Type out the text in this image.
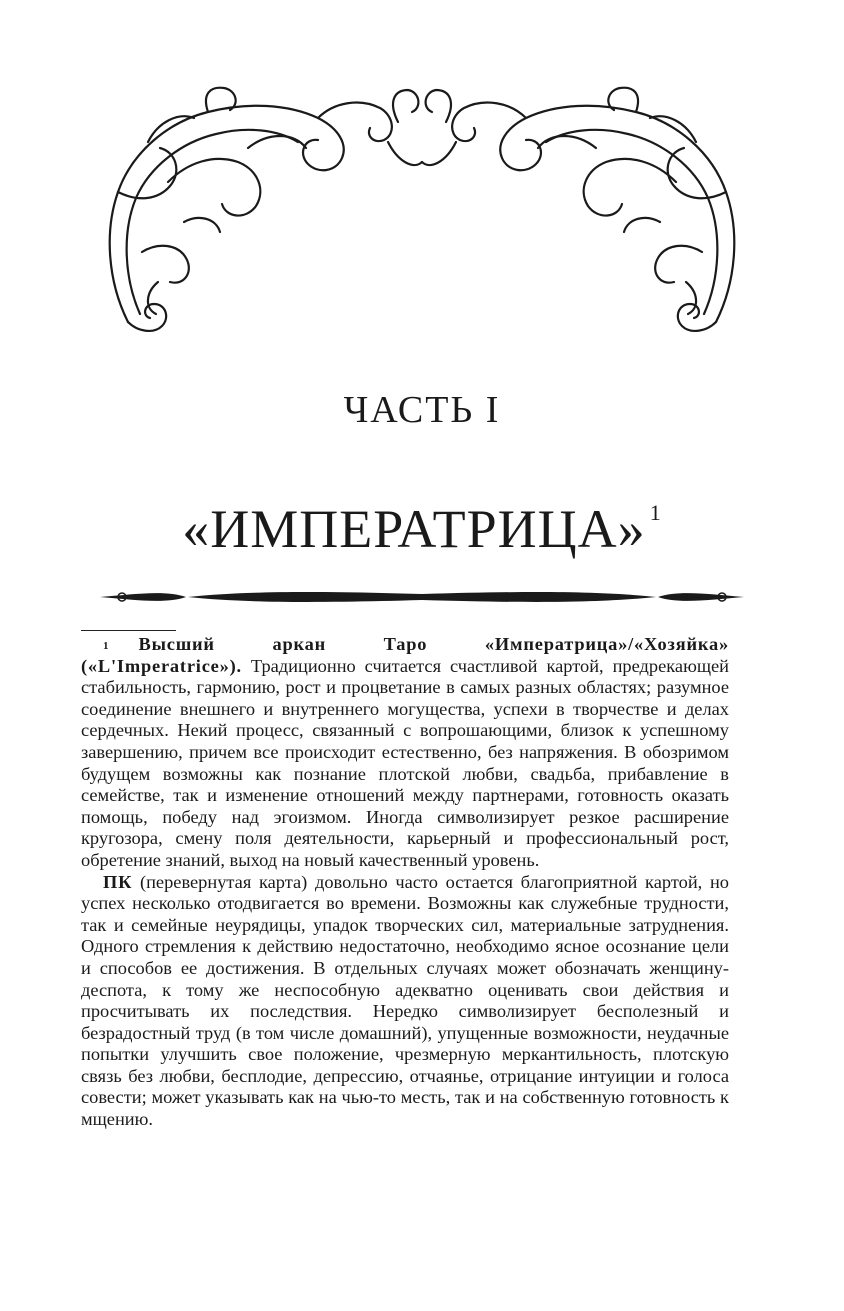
ЧАСТЬ I
«ИМПЕРАТРИЦА» $^1$

$^1$ Высший аркан Таро «Императрица»/«Хозяйка» («L'Imperatrice»). Традиционно считается счастливой картой, предрекающей стабильность, гармонию, рост и процветание в самых разных областях; разумное соединение внешнего и внутреннего могущества, успехи в творчестве и делах сердечных. Некий процесс, связанный с вопрошающими, близок к успешному завершению, причем все происходит естественно, без напряжения. В обозримом будущем возможны как познание плотской любви, свадьба, прибавление в семействе, так и изменение отношений между партнерами, готовность оказать помощь, победу над эгоизмом. Иногда символизирует резкое расширение кругозора, смену поля деятельности, карьерный и профессиональный рост, обретение знаний, выход на новый качественный уровень.

ПК (перевернутая карта) довольно часто остается благоприятной картой, но успех несколько отодвигается во времени. Возможны как служебные трудности, так и семейные неурядицы, упадок творческих сил, материальные затруднения. Одного стремления к действию недостаточно, необходимо ясное осознание цели и способов ее достижения. В отдельных случаях может обозначать женщину-деспота, к тому же неспособную адекватно оценивать свои действия и просчитывать их последствия. Нередко символизирует бесполезный и безрадостный труд (в том числе домашний), упущенные возможности, неудачные попытки улучшить свое положение, чрезмерную меркантильность, плотскую связь без любви, бесплодие, депрессию, отчаянье, отрицание интуиции и голоса совести; может указывать как на чью-то месть, так и на собственную готовность к мщению.
